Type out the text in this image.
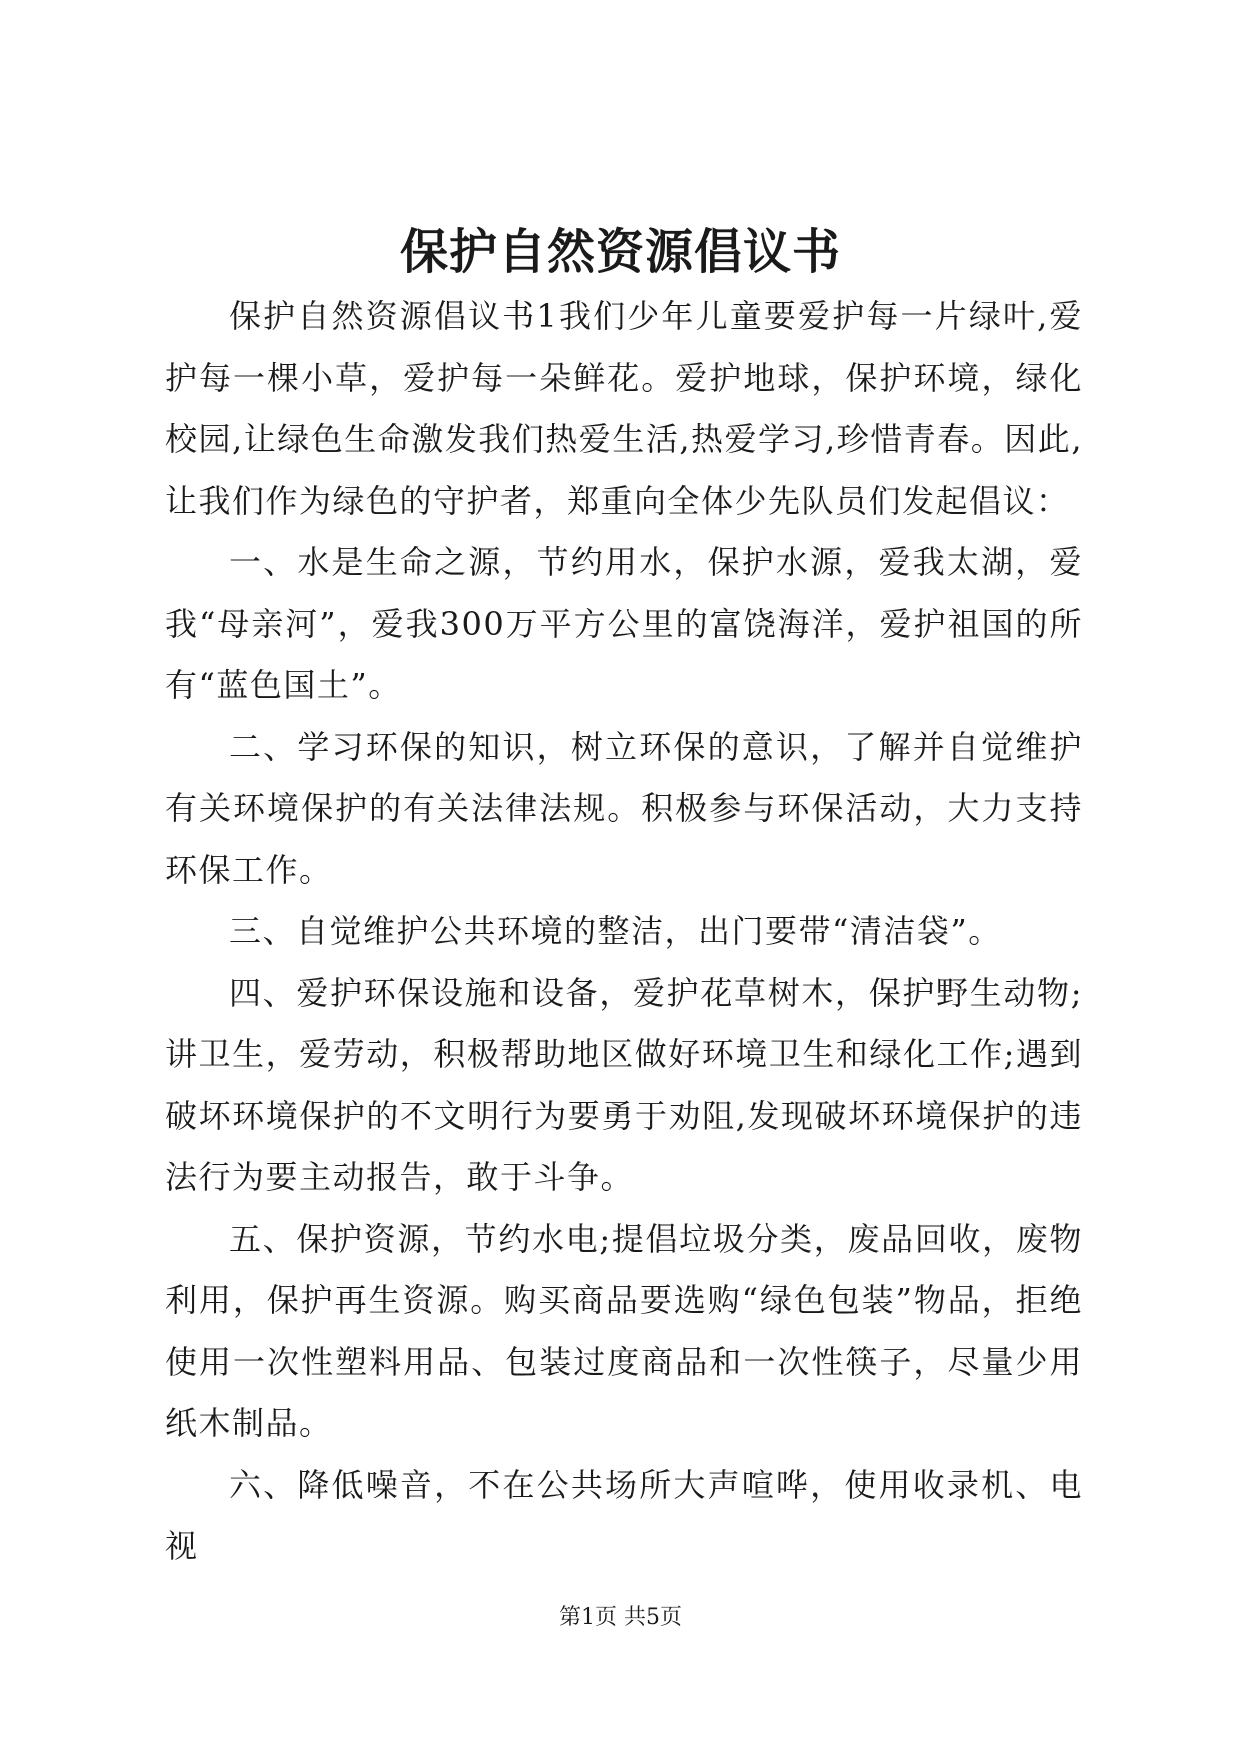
保护自然资源倡议书

保护自然资源倡议书1我们少年儿童要爱护每一片绿叶,爱护每一棵小草，爱护每一朵鲜花。爱护地球，保护环境，绿化校园,让绿色生命激发我们热爱生活,热爱学习,珍惜青春。因此,让我们作为绿色的守护者，郑重向全体少先队员们发起倡议：

一、水是生命之源，节约用水，保护水源，爱我太湖，爱我“母亲河”，爱我300万平方公里的富饶海洋，爱护祖国的所有“蓝色国土”。

二、学习环保的知识，树立环保的意识，了解并自觉维护有关环境保护的有关法律法规。积极参与环保活动，大力支持环保工作。

三、自觉维护公共环境的整洁，出门要带“清洁袋”。

四、爱护环保设施和设备，爱护花草树木，保护野生动物;讲卫生，爱劳动，积极帮助地区做好环境卫生和绿化工作;遇到破坏环境保护的不文明行为要勇于劝阻,发现破坏环境保护的违法行为要主动报告，敢于斗争。

五、保护资源，节约水电;提倡垃圾分类，废品回收，废物利用，保护再生资源。购买商品要选购“绿色包装”物品，拒绝使用一次性塑料用品、包装过度商品和一次性筷子，尽量少用纸木制品。

六、降低噪音，不在公共场所大声喧哗，使用收录机、电视

第1页 共5页
